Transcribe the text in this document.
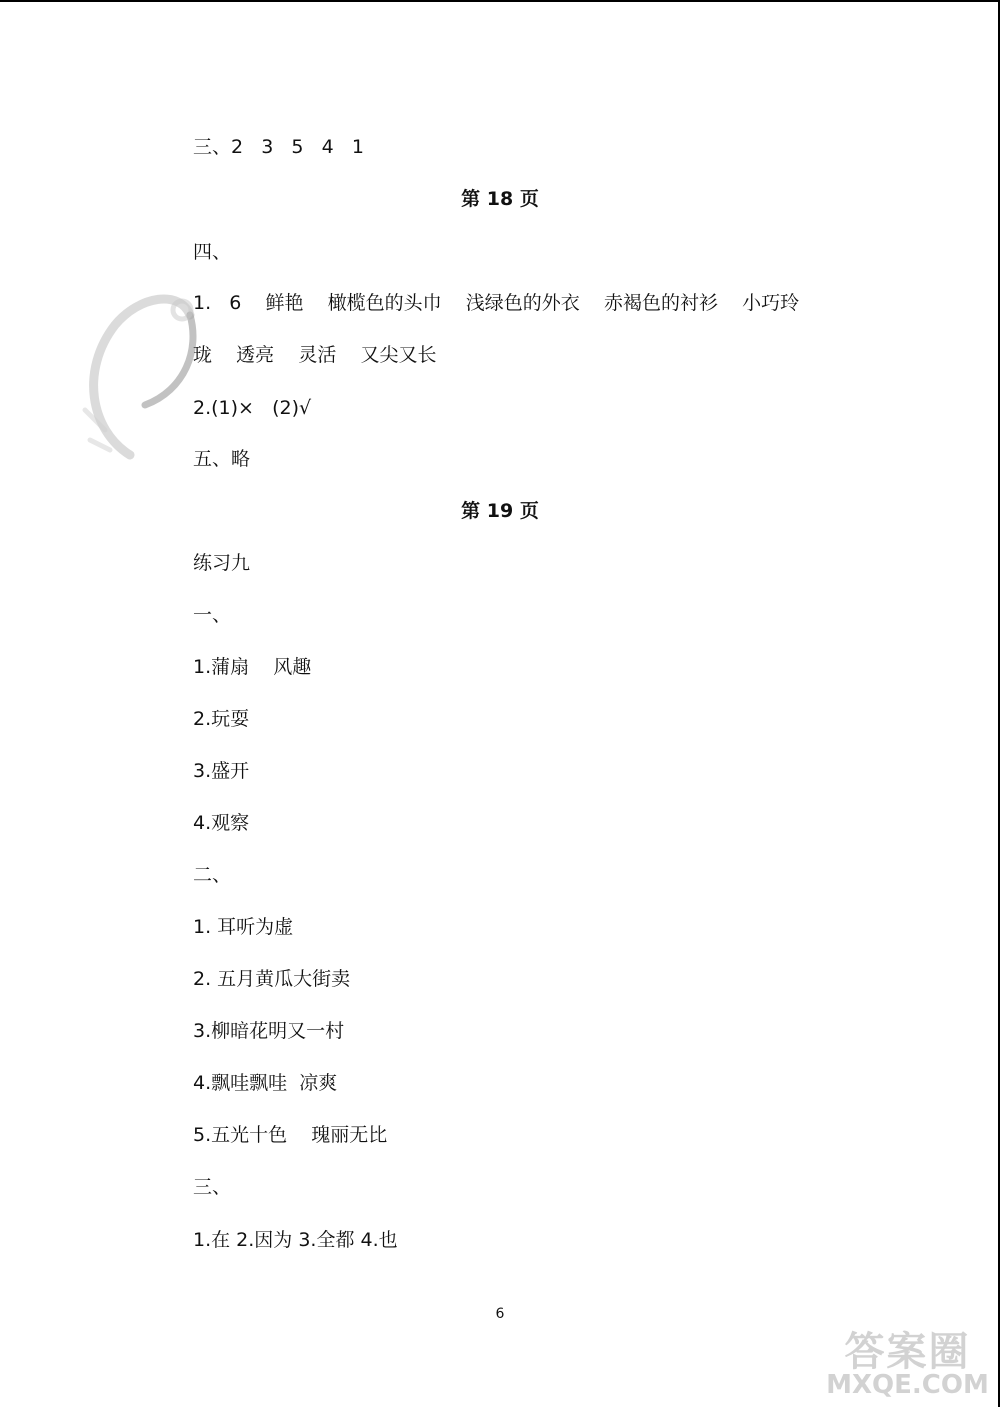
三、2   3   5   4   1
第 18 页
四、
1.   6    鲜艳    橄榄色的头巾    浅绿色的外衣    赤褐色的衬衫    小巧玲
珑    透亮    灵活    又尖又长
2.(1)×   (2)√
五、略
第 19 页
练习九
一、
1.蒲扇    风趣
2.玩耍
3.盛开
4.观察
二、
1. 耳听为虚
2. 五月黄瓜大街卖
3.柳暗花明又一村
4.飘哇飘哇  凉爽
5.五光十色    瑰丽无比
三、
1.在 2.因为 3.全都 4.也
6
答案圈
MXQE.COM
